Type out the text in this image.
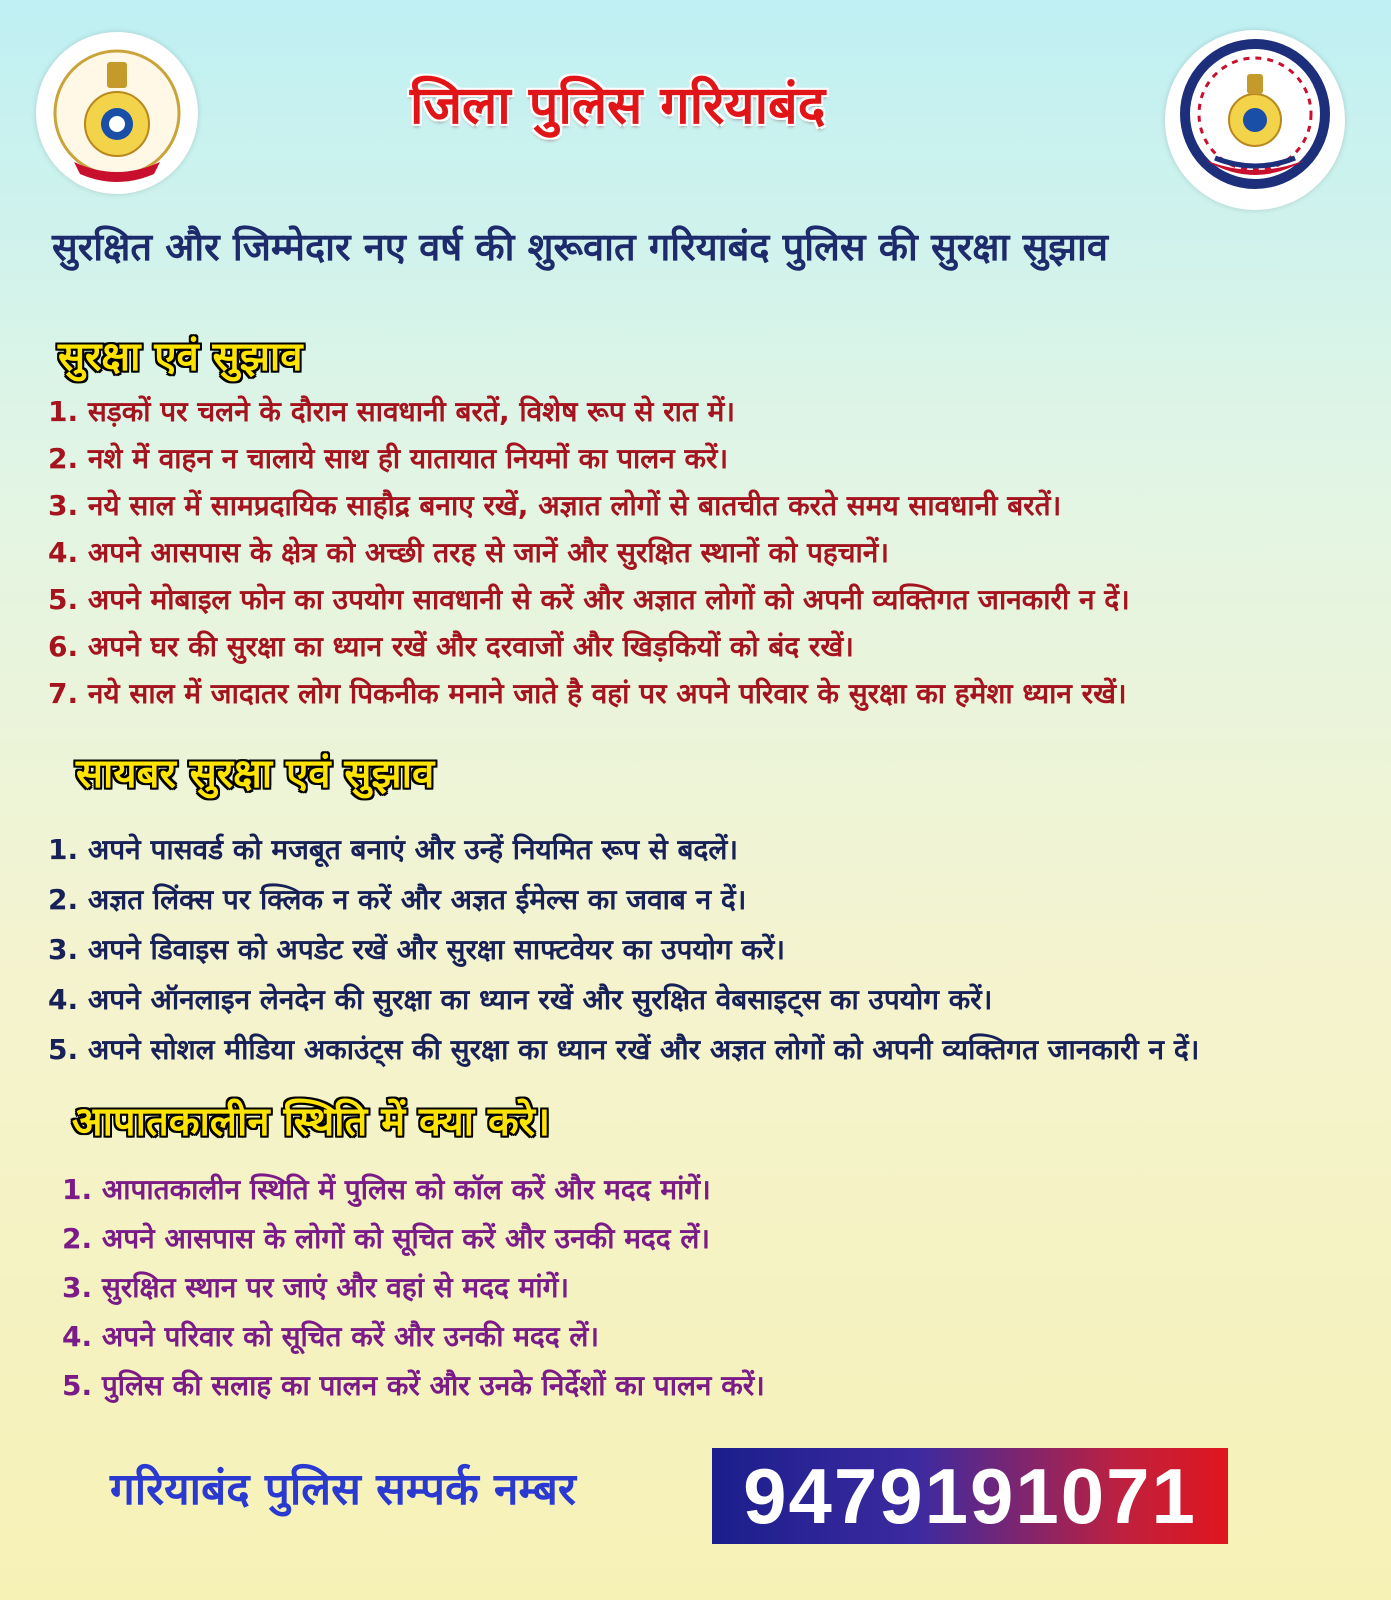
जिला पुलिस गरियाबंद
सुरक्षित और जिम्मेदार नए वर्ष की शुरूवात गरियाबंद पुलिस की सुरक्षा सुझाव
सुरक्षा एवं सुझाव
1. सड़कों पर चलने के दौरान सावधानी बरतें, विशेष रूप से रात में।
2. नशे में वाहन न चालाये साथ ही यातायात नियमों का पालन करें।
3. नये साल में सामप्रदायिक साहौद्र बनाए रखें, अज्ञात लोगों से बातचीत करते समय सावधानी बरतें।
4. अपने आसपास के क्षेत्र को अच्छी तरह से जानें और सुरक्षित स्थानों को पहचानें।
5. अपने मोबाइल फोन का उपयोग सावधानी से करें और अज्ञात लोगों को अपनी व्यक्तिगत जानकारी न दें।
6. अपने घर की सुरक्षा का ध्यान रखें और दरवाजों और खिड़कियों को बंद रखें।
7. नये साल में जादातर लोग पिकनीक मनाने जाते है वहां पर अपने परिवार के सुरक्षा का हमेशा ध्यान रखें।
सायबर सुरक्षा एवं सुझाव
1. अपने पासवर्ड को मजबूत बनाएं और उन्हें नियमित रूप से बदलें।
2. अज्ञत लिंक्स पर क्लिक न करें और अज्ञत ईमेल्स का जवाब न दें।
3. अपने डिवाइस को अपडेट रखें और सुरक्षा साफ्टवेयर का उपयोग करें।
4. अपने ऑनलाइन लेनदेन की सुरक्षा का ध्यान रखें और सुरक्षित वेबसाइट्स का उपयोग करें।
5. अपने सोशल मीडिया अकाउंट्स की सुरक्षा का ध्यान रखें और अज्ञत लोगों को अपनी व्यक्तिगत जानकारी न दें।
आपातकालीन स्थिति में क्या करे।
1. आपातकालीन स्थिति में पुलिस को कॉल करें और मदद मांगें।
2. अपने आसपास के लोगों को सूचित करें और उनकी मदद लें।
3. सुरक्षित स्थान पर जाएं और वहां से मदद मांगें।
4. अपने परिवार को सूचित करें और उनकी मदद लें।
5. पुलिस की सलाह का पालन करें और उनके निर्देशों का पालन करें।
गरियाबंद पुलिस सम्पर्क नम्बर 9479191071
